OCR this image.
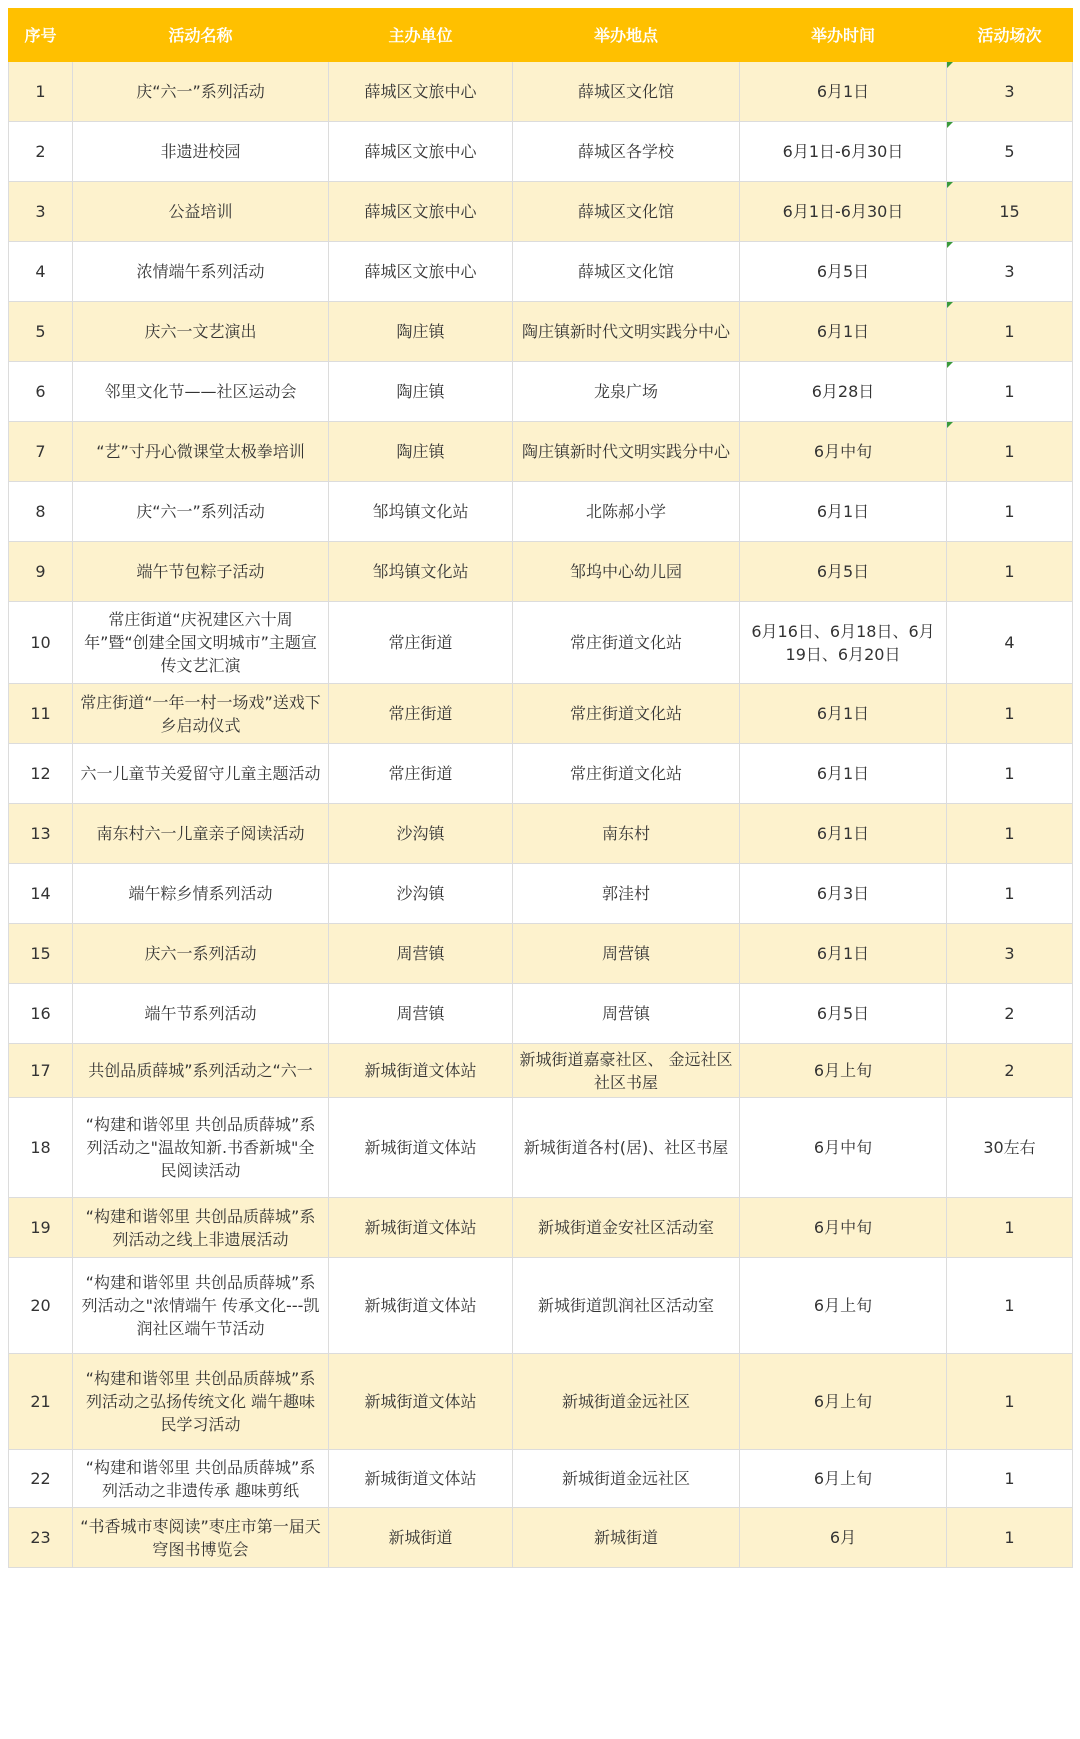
序号	活动名称	主办单位	举办地点	举办时间	活动场次
1	庆“六一”系列活动	薛城区文旅中心	薛城区文化馆	6月1日	3

2	非遗进校园	薛城区文旅中心	薛城区各学校	6月1日-6月30日	5

3	公益培训	薛城区文旅中心	薛城区文化馆	6月1日-6月30日	15

4	浓情端午系列活动	薛城区文旅中心	薛城区文化馆	6月5日	3

5	庆六一文艺演出	陶庄镇	陶庄镇新时代文明实践分中心	6月1日	1

6	邻里文化节——社区运动会	陶庄镇	龙泉广场	6月28日	1

7	“艺”寸丹心微课堂太极拳培训	陶庄镇	陶庄镇新时代文明实践分中心	6月中旬	1

8	庆“六一”系列活动	邹坞镇文化站	北陈郝小学	6月1日	1
9	端午节包粽子活动	邹坞镇文化站	邹坞中心幼儿园	6月5日	1
10	常庄街道“庆祝建区六十周年”暨“创建全国文明城市”主题宣传文艺汇演	常庄街道	常庄街道文化站	6月16日、6月18日、6月19日、6月20日	4
11	常庄街道“一年一村一场戏”送戏下乡启动仪式	常庄街道	常庄街道文化站	6月1日	1
12	六一儿童节关爱留守儿童主题活动	常庄街道	常庄街道文化站	6月1日	1
13	南东村六一儿童亲子阅读活动	沙沟镇	南东村	6月1日	1
14	端午粽乡情系列活动	沙沟镇	郭洼村	6月3日	1
15	庆六一系列活动	周营镇	周营镇	6月1日	3
16	端午节系列活动	周营镇	周营镇	6月5日	2
17	共创品质薛城”系列活动之“六一	新城街道文体站	新城街道嘉豪社区、 金远社区社区书屋	6月上旬	2
18	“构建和谐邻里 共创品质薛城”系列活动之"温故知新.书香新城"全民阅读活动	新城街道文体站	新城街道各村(居)、社区书屋	6月中旬	30左右
19	“构建和谐邻里 共创品质薛城”系列活动之线上非遗展活动	新城街道文体站	新城街道金安社区活动室	6月中旬	1
20	“构建和谐邻里 共创品质薛城”系列活动之"浓情端午 传承文化---凯润社区端午节活动	新城街道文体站	新城街道凯润社区活动室	6月上旬	1
21	“构建和谐邻里 共创品质薛城”系列活动之弘扬传统文化 端午趣味民学习活动	新城街道文体站	新城街道金远社区	6月上旬	1
22	“构建和谐邻里 共创品质薛城”系列活动之非遗传承 趣味剪纸	新城街道文体站	新城街道金远社区	6月上旬	1
23	“书香城市枣阅读”枣庄市第一届天穹图书博览会	新城街道	新城街道	6月	1
